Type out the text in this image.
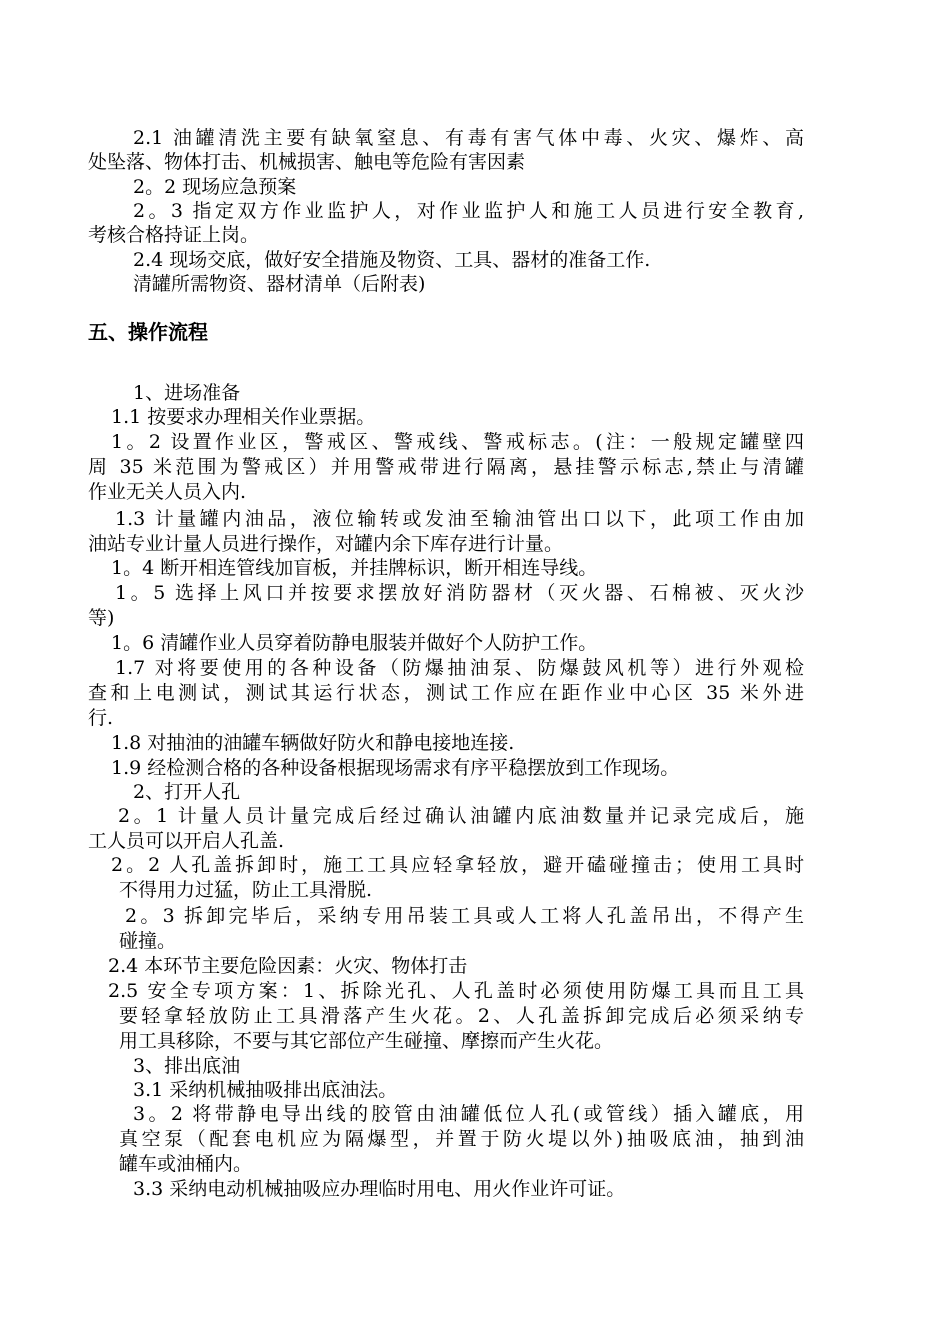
2.1 油罐清洗主要有缺氧窒息、有毒有害气体中毒、火灾、爆炸、高
处坠落、物体打击、机械损害、触电等危险有害因素
2。2 现场应急预案
2。3 指定双方作业监护人，对作业监护人和施工人员进行安全教育,
考核合格持证上岗。
2.4 现场交底，做好安全措施及物资、工具、器材的准备工作.
清罐所需物资、器材清单（后附表)
五、操作流程
1、进场准备
1.1 按要求办理相关作业票据。
1。2 设置作业区，警戒区、警戒线、警戒标志。(注：一般规定罐壁四
周 35 米范围为警戒区）并用警戒带进行隔离，悬挂警示标志,禁止与清罐
作业无关人员入内.
1.3 计量罐内油品，液位输转或发油至输油管出口以下，此项工作由加
油站专业计量人员进行操作，对罐内余下库存进行计量。
1。4 断开相连管线加盲板，并挂牌标识，断开相连导线。
1。5 选择上风口并按要求摆放好消防器材（灭火器、石棉被、灭火沙
等)
1。6 清罐作业人员穿着防静电服装并做好个人防护工作。
1.7 对将要使用的各种设备（防爆抽油泵、防爆鼓风机等）进行外观检
查和上电测试，测试其运行状态，测试工作应在距作业中心区 35 米外进
行.
1.8 对抽油的油罐车辆做好防火和静电接地连接.
1.9 经检测合格的各种设备根据现场需求有序平稳摆放到工作现场。
2、打开人孔
2。1 计量人员计量完成后经过确认油罐内底油数量并记录完成后，施
工人员可以开启人孔盖.
2。2 人孔盖拆卸时，施工工具应轻拿轻放，避开磕碰撞击；使用工具时
不得用力过猛，防止工具滑脱.
2。3 拆卸完毕后，采纳专用吊装工具或人工将人孔盖吊出，不得产生
碰撞。
2.4 本环节主要危险因素：火灾、物体打击
2.5 安全专项方案：1、拆除光孔、人孔盖时必须使用防爆工具而且工具
要轻拿轻放防止工具滑落产生火花。2、人孔盖拆卸完成后必须采纳专
用工具移除，不要与其它部位产生碰撞、摩擦而产生火花。
3、排出底油
3.1 采纳机械抽吸排出底油法。
3。2 将带静电导出线的胶管由油罐低位人孔(或管线）插入罐底，用
真空泵（配套电机应为隔爆型，并置于防火堤以外)抽吸底油，抽到油
罐车或油桶内。
3.3 采纳电动机械抽吸应办理临时用电、用火作业许可证。
